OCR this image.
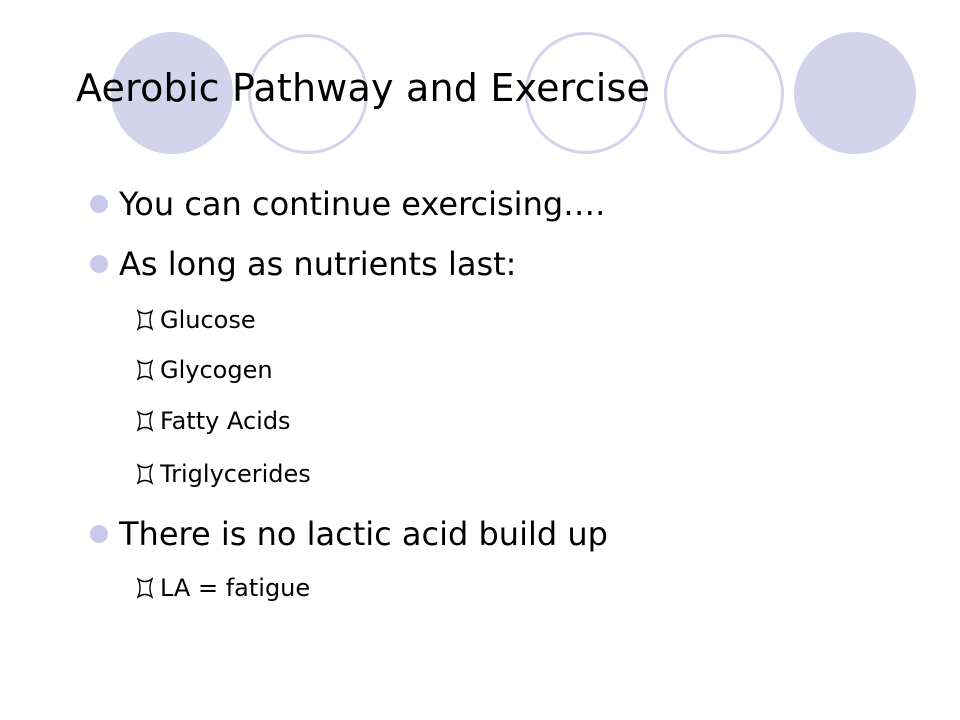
Aerobic Pathway and Exercise
You can continue exercising….
As long as nutrients last:
Glucose
Glycogen
Fatty Acids
Triglycerides
There is no lactic acid build up
LA = fatigue
